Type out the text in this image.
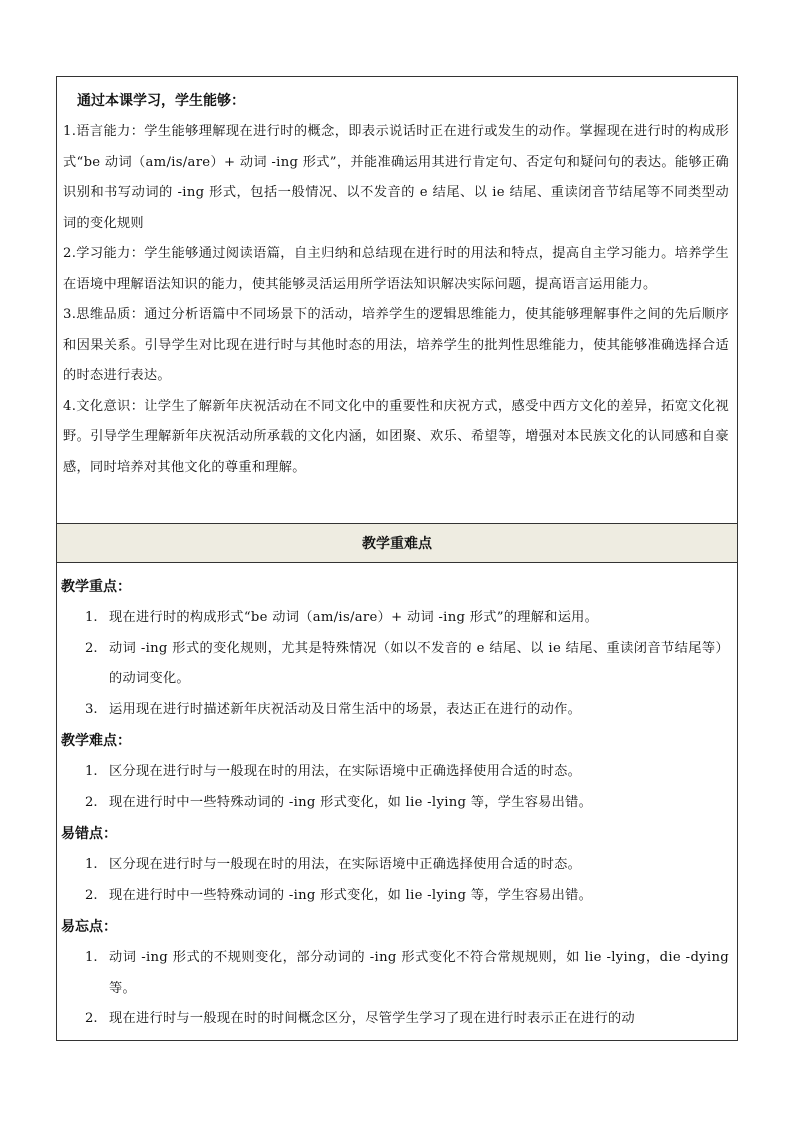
通过本课学习，学生能够：

1.语言能力：学生能够理解现在进行时的概念，即表示说话时正在进行或发生的动作。掌握现在进行时的构成形式“be 动词（am/is/are）+ 动词 -ing 形式”，并能准确运用其进行肯定句、否定句和疑问句的表达。能够正确识别和书写动词的 -ing 形式，包括一般情况、以不发音的 e 结尾、以 ie 结尾、重读闭音节结尾等不同类型动词的变化规则

2.学习能力：学生能够通过阅读语篇，自主归纳和总结现在进行时的用法和特点，提高自主学习能力。培养学生在语境中理解语法知识的能力，使其能够灵活运用所学语法知识解决实际问题，提高语言运用能力。

3.思维品质：通过分析语篇中不同场景下的活动，培养学生的逻辑思维能力，使其能够理解事件之间的先后顺序和因果关系。引导学生对比现在进行时与其他时态的用法，培养学生的批判性思维能力，使其能够准确选择合适的时态进行表达。

4.文化意识：让学生了解新年庆祝活动在不同文化中的重要性和庆祝方式，感受中西方文化的差异，拓宽文化视野。引导学生理解新年庆祝活动所承载的文化内涵，如团聚、欢乐、希望等，增强对本民族文化的认同感和自豪感，同时培养对其他文化的尊重和理解。

教学重难点
教学重点：
1. 现在进行时的构成形式“be 动词（am/is/are）+ 动词 -ing 形式”的理解和运用。
2. 动词 -ing 形式的变化规则，尤其是特殊情况（如以不发音的 e 结尾、以 ie 结尾、重读闭音节结尾等）的动词变化。
3. 运用现在进行时描述新年庆祝活动及日常生活中的场景，表达正在进行的动作。
教学难点：
1. 区分现在进行时与一般现在时的用法，在实际语境中正确选择使用合适的时态。
2. 现在进行时中一些特殊动词的 -ing 形式变化，如 lie -lying 等，学生容易出错。
易错点：
1. 区分现在进行时与一般现在时的用法，在实际语境中正确选择使用合适的时态。
2. 现在进行时中一些特殊动词的 -ing 形式变化，如 lie -lying 等，学生容易出错。
易忘点：
1. 动词 -ing 形式的不规则变化，部分动词的 -ing 形式变化不符合常规规则，如 lie -lying，die -dying 等。
2. 现在进行时与一般现在时的时间概念区分，尽管学生学习了现在进行时表示正在进行的动
